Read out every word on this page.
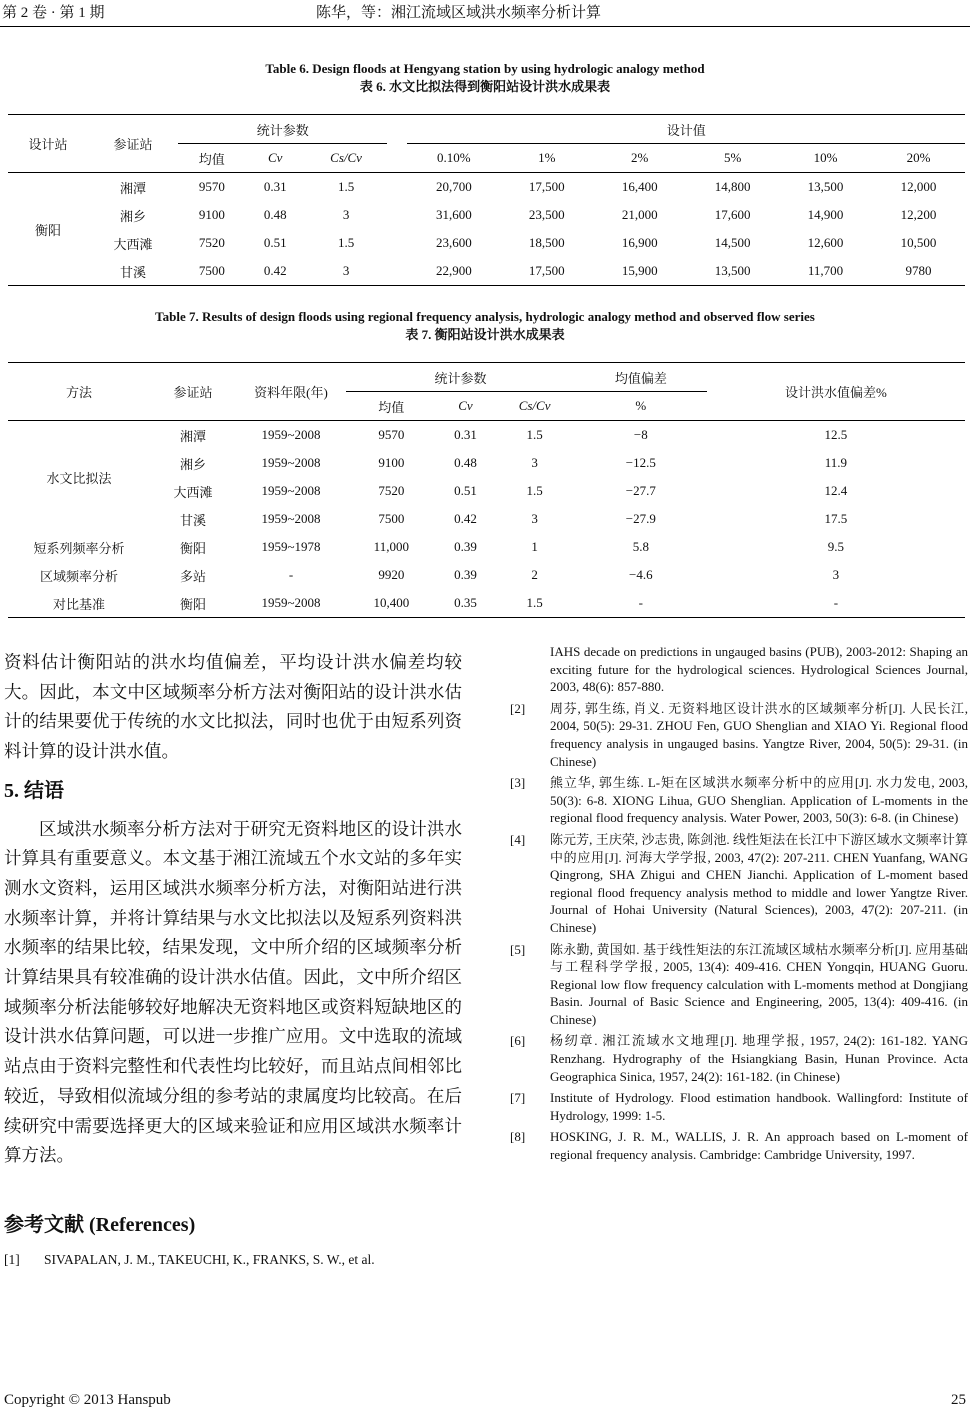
第 2 卷 · 第 1 期	陈华，等：湘江流域区域洪水频率分析计算
Table 6. Design floods at Hengyang station by using hydrologic analogy method
表 6. 水文比拟法得到衡阳站设计洪水成果表
设计站	参证站	统计参数				设计值					
		均值	Cv	Cs/Cv		0.10%	1%	2%	5%	10%	20%
衡阳	湘潭	9570	0.31	1.5		20,700	17,500	16,400	14,800	13,500	12,000
	湘乡	9100	0.48	3		31,600	23,500	21,000	17,600	14,900	12,200
	大西滩	7520	0.51	1.5		23,600	18,500	16,900	14,500	12,600	10,500
	甘溪	7500	0.42	3		22,900	17,500	15,900	13,500	11,700	9780
Table 7. Results of design floods using regional frequency analysis, hydrologic analogy method and observed flow series
表 7. 衡阳站设计洪水成果表
方法	参证站	资料年限(年)	统计参数			均值偏差	设计洪水值偏差%
			均值	Cv	Cs/Cv	%	
水文比拟法	湘潭	1959~2008	9570	0.31	1.5	−8	12.5
	湘乡	1959~2008	9100	0.48	3	−12.5	11.9
	大西滩	1959~2008	7520	0.51	1.5	−27.7	12.4
	甘溪	1959~2008	7500	0.42	3	−27.9	17.5
短系列频率分析	衡阳	1959~1978	11,000	0.39	1	5.8	9.5
区域频率分析	多站	-	9920	0.39	2	−4.6	3
对比基准	衡阳	1959~2008	10,400	0.35	1.5	-	-

资料估计衡阳站的洪水均值偏差，平均设计洪水偏差均较大。因此，本文中区域频率分析方法对衡阳站的设计洪水估计的结果要优于传统的水文比拟法，同时也优于由短系列资料计算的设计洪水值。

5. 结语

区域洪水频率分析方法对于研究无资料地区的设计洪水计算具有重要意义。本文基于湘江流域五个水文站的多年实测水文资料，运用区域洪水频率分析方法，对衡阳站进行洪水频率计算，并将计算结果与水文比拟法以及短系列资料洪水频率的结果比较，结果发现，文中所介绍的区域频率分析计算结果具有较准确的设计洪水估值。因此，文中所介绍区域频率分析法能够较好地解决无资料地区或资料短缺地区的设计洪水估算问题，可以进一步推广应用。文中选取的流域站点由于资料完整性和代表性均比较好，而且站点间相邻比较近，导致相似流域分组的参考站的隶属度均比较高。在后续研究中需要选择更大的区域来验证和应用区域洪水频率计算方法。

参考文献 (References)

[1]	SIVAPALAN, J. M., TAKEUCHI, K., FRANKS, S. W., et al.
IAHS decade on predictions in ungauged basins (PUB), 2003-2012: Shaping an exciting future for the hydrological sciences. Hydrological Sciences Journal, 2003, 48(6): 857-880.
[2]	周芬, 郭生练, 肖义. 无资料地区设计洪水的区域频率分析[J]. 人民长江, 2004, 50(5): 29-31. ZHOU Fen, GUO Shenglian and XIAO Yi. Regional flood frequency analysis in ungauged basins. Yangtze River, 2004, 50(5): 29-31. (in Chinese)
[3]	熊立华, 郭生练. L-矩在区域洪水频率分析中的应用[J]. 水力发电, 2003, 50(3): 6-8. XIONG Lihua, GUO Shenglian. Application of L-moments in the regional flood frequency analysis. Water Power, 2003, 50(3): 6-8. (in Chinese)
[4]	陈元芳, 王庆荣, 沙志贵, 陈剑池. 线性矩法在长江中下游区域水文频率计算中的应用[J]. 河海大学学报, 2003, 47(2): 207-211. CHEN Yuanfang, WANG Qingrong, SHA Zhigui and CHEN Jianchi. Application of L-moment based regional flood frequency analysis method to middle and lower Yangtze River. Journal of Hohai University (Natural Sciences), 2003, 47(2): 207-211. (in Chinese)
[5]	陈永勤, 黄国如. 基于线性矩法的东江流域区域枯水频率分析[J]. 应用基础与工程科学学报, 2005, 13(4): 409-416. CHEN Yongqin, HUANG Guoru. Regional low flow frequency calculation with L-moments method at Dongjiang Basin. Journal of Basic Science and Engineering, 2005, 13(4): 409-416. (in Chinese)
[6]	杨纫章. 湘江流域水文地理[J]. 地理学报, 1957, 24(2): 161-182. YANG Renzhang. Hydrography of the Hsiangkiang Basin, Hunan Province. Acta Geographica Sinica, 1957, 24(2): 161-182. (in Chinese)
[7]	Institute of Hydrology. Flood estimation handbook. Wallingford: Institute of Hydrology, 1999: 1-5.
[8]	HOSKING, J. R. M., WALLIS, J. R. An approach based on L-moment of regional frequency analysis. Cambridge: Cambridge University, 1997.
Copyright © 2013 Hanspub	25
